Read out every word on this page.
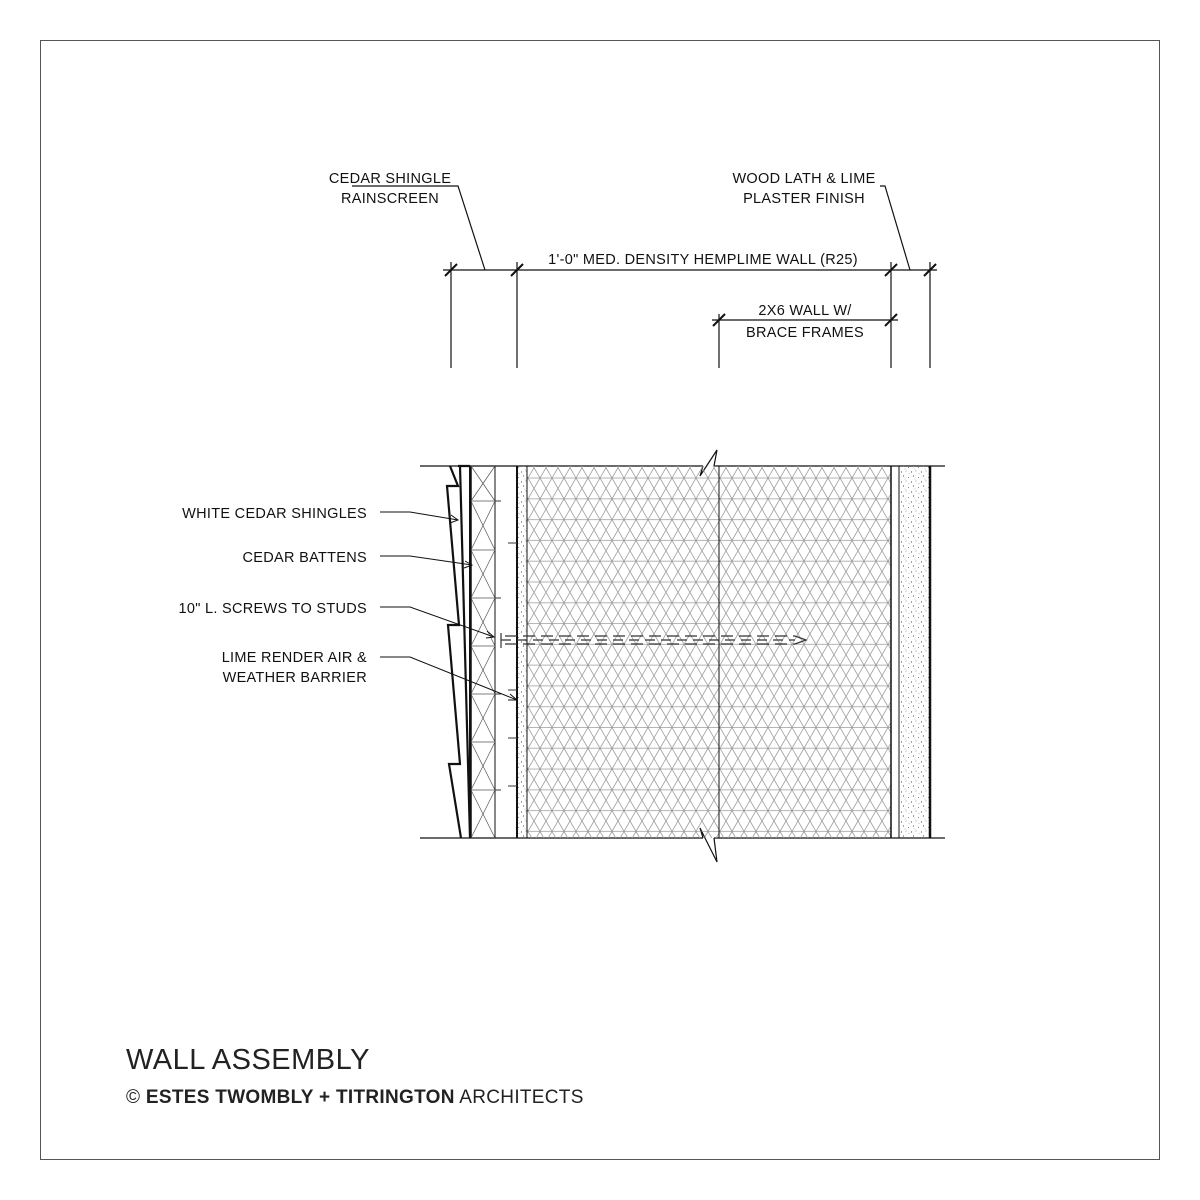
CEDAR SHINGLE
RAINSCREEN
WOOD LATH & LIME
PLASTER FINISH
1'-0" MED. DENSITY HEMPLIME WALL (R25)
2X6 WALL W/
BRACE FRAMES
WHITE CEDAR SHINGLES
CEDAR BATTENS
10" L. SCREWS TO STUDS
LIME RENDER AIR &
WEATHER BARRIER
WALL ASSEMBLY
© ESTES TWOMBLY + TITRINGTON ARCHITECTS
